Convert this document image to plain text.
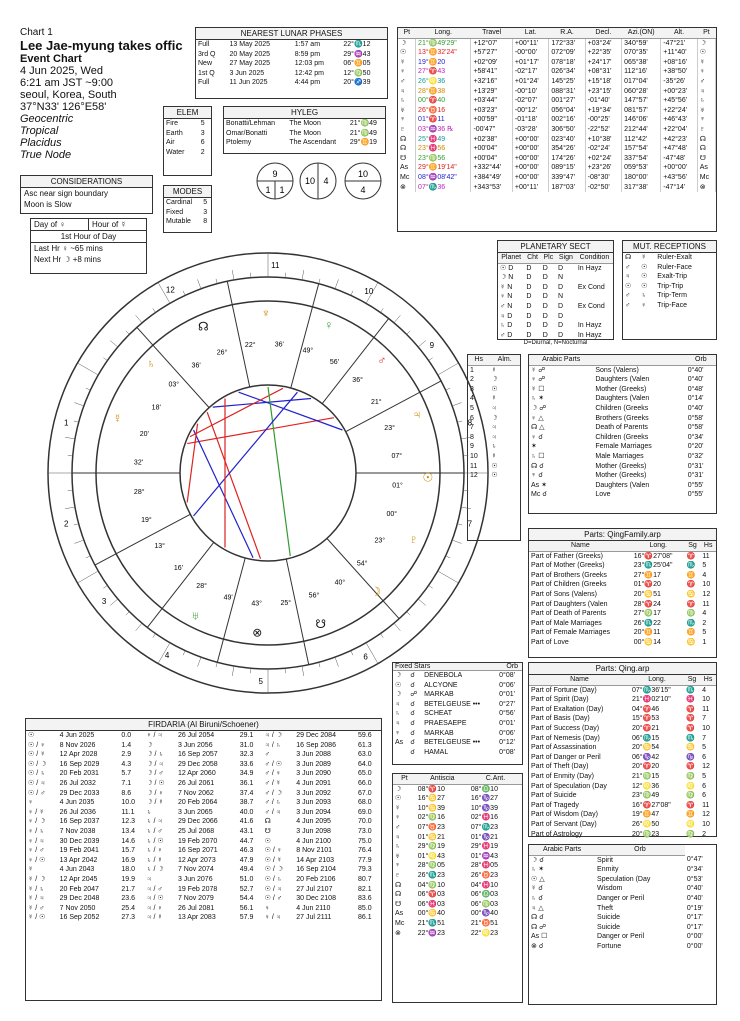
Chart 1
Lee Jae-myung takes offic
Event Chart
4 Jun 2025, Wed
6:21 am JST ~9:00
seoul, Korea, South
37°N33' 126°E58'
Geocentric
Tropical
Placidus
True Node
NEAREST LUNAR PHASES
Full	13 May 2025	1:57 am	22°♏12
3rd Q	20 May 2025	8:59 pm	29°♒43
New	27 May 2025	12:03 pm	06°♊05
1st Q	3 Jun 2025	12:42 pm	12°♍50
Full	11 Jun 2025	4:44 pm	20°♐39
ELEM
Fire	5
Earth	3
Air	6
Water	2
HYLEG
Bonatti/Lehman	The Moon	21°♍49
Omar/Bonatti	The Moon	21°♍49
Ptolemy	The Ascendant	29°♊19
9
1 1
10 4
10
4
MODES
Cardinal	5
Fixed	3
Mutable	8
CONSIDERATIONS
Asc near sign boundary
Moon is Slow
Day of ♀	Hour of ☿
1st Hour of Day
Last Hr ♀ ~65 mins
Next Hr ☽ +8 mins
Pt	Long.	Travel	Lat.	R.A.	Decl.	Azi.(ON)	Alt.	Pt
☽	21°♍49'29"	+12°07'	+00°11'	172°33'	+03°24'	340°59'	-47°21'	☽
☉	13°♊32'24"	+57'27"	-00°00'	072°09'	+22°35'	070°35'	+11°40'	☉
☿	19°♊20	+02°09'	+01°17'	078°18'	+24°17'	065°38'	+08°16'	☿
♀	27°♈43	+58'41"	-02°17'	026°34'	+08°31'	112°16'	+38°50'	♀
♂	26°♌36	+32'16"	+01°24'	145°25'	+15°18'	017°04'	-35°26'	♂
♃	28°♊38	+13'29"	-00°10'	088°31'	+23°15'	060°28'	+00°23'	♃
♄	00°♈40	+03'44"	-02°07'	001°27'	-01°40'	147°57'	+45°56'	♄
♅	26°♉16	+03'23"	-00°12'	056°04'	+19°34'	081°57'	+22°24'	♅
♆	01°♈11	+00'59"	-01°18'	002°16'	-00°25'	146°06'	+46°43'	♆
♇	03°♒36 ℞	-00'47"	-03°28'	306°50'	-22°52'	212°44'	+22°04'	♇
☊	25°♓49	+02'38"	+00°00'	023°40'	+10°38'	112°42'	+42°23'	☊
☊	23°♓56	+00'04"	+00°00'	354°26'	-02°24'	157°54'	+47°48'	☊
☋	23°♍56	+00'04"	+00°00'	174°26'	+02°24'	337°54'	-47°48'	☋
As	29°♊19'14"	+332°44'	+00°00'	089°15'	+23°26'	059°53'	+00°00'	As
Mc	08°♒08'42"	+384°49'	+00°00'	339°47'	-08°30'	180°00'	+43°56'	Mc
⊗	07°♏36	+343°53'	+00°11'	187°03'	-02°50'	317°38'	-47°14'	⊗
PLANETARY SECT
Planet	Cht	Plc	Sign	Condition
☉ D	D	D	D	In Hayz
☽ N	D	D	N	
☿ N	D	D	D	Ex Cond
♀ N	D	D	N	
♂ N	D	D	D	Ex Cond
♃ D	D	D	D	
♄ D	D	D	D	In Hayz
♂ D	D	D	D	In Hayz
D=Diurnal, N=Nocturnal
MUT. RECEPTIONS
☊	☿	Ruler-Exalt
♂	☉	Ruler-Face
♃	☉	Exalt-Trip
☉	☉	Trip-Trip
♂	♄	Trip-Term
♂	♀	Trip-Face
Hs	Alm.
1	☿
2	☽
3	☉
4	☿
5	♃
6	☽
7	♃
8	♃
9	♄
10	☿
11	☉
12	☉
Arabic Parts		Orb
☿ ☍	Sons (Valens)	0°40'
♀ ☍	Daughters (Valen	0°40'
☿ ☐	Mother (Greeks)	0°48'
♄ ✶	Daughters (Valen	0°14'
☽ ☍	Children (Greeks	0°40'
♀ △	Brothers (Greeks	0°58'
☊ △	Death of Parents	0°58'
♀ ☌	Children (Greeks	0°34'
✶	Female Marriages	0°20'
♄ ☐	Male Marriages	0°32'
☊ ☌	Mother (Greeks)	0°31'
♆ ☌	Mother (Greeks)	0°31'
As ✶	Daughters (Valen	0°55'
Mc ☌	Love	0°55'
Parts: QingFamily.arp
Name	Long.	Sg	Hs
Part of Father (Greeks)	16°♈27'08"	♈	11
Part of Mother (Greeks)	23°♏25'04"	♏	5
Part of Brothers (Greeks	27°♊17	♊	4
Part of Children (Greeks	01°♈20	♈	10
Part of Sons (Valens)	20°♋51	♋	12
Part of Daughters (Valen	28°♈24	♈	11
Part of Death of Parents	27°♍17	♍	4
Part of Male Marriages	26°♏22	♏	2
Part of Female Marriages	20°♊11	♊	5
Part of Love	00°♋14	♋	1
Fixed Stars	Orb
☽	☌	DENEBOLA	0°08'
☉	☌	ALCYONE	0°06'
☽	☍	MARKAB	0°01'
♃	☌	BETELGEUSE •••	0°27'
♄	☌	SCHEAT	0°56'
♃	☌	PRAESAEPE	0°01'
♆	☌	MARKAB	0°06'
As	☌	BETELGEUSE •••	0°12'
	☌	HAMAL	0°08'
Parts: Qing.arp
Name	Long.	Sg	Hs
Part of Fortune (Day)	07°♏36'15"	♏	4
Part of Spirit (Day)	21°♓02'10"	♓	10
Part of Exaltation (Day)	04°♈46	♈	11
Part of Basis (Day)	15°♈53	♈	7
Part of Success (Day)	20°♈21	♈	10
Part of Nemesis (Day)	06°♏15	♏	7
Part of Assassination	20°♋54	♋	5
Part of Danger or Peril	06°♑42	♑	6
Part of Theft (Day)	20°♈20	♈	12
Part of Enmity (Day)	21°♍15	♍	5
Part of Speculation (Day	12°♌36	♌	6
Part of Suicide	23°♍49	♍	6
Part of Tragedy	16°♈27'08"	♈	11
Part of Wisdom (Day)	19°♊47	♊	12
Part of Servant (Day)	26°♌50	♌	10
Part of Astrology	20°♍23	♍	2
FIRDARIA (Al Biruni/Schoener)
☉	4 Jun 2025	0.0	♀ / ♃	26 Jul 2054	29.1	♃ / ☽	29 Dec 2084	59.6
☉ / ♀	8 Nov 2026	1.4	☽	3 Jun 2056	31.0	♃ / ♄	16 Sep 2086	61.3
☉ / ☿	12 Apr 2028	2.9	☽ / ♄	16 Sep 2057	32.3	♂	3 Jun 2088	63.0
☉ / ☽	16 Sep 2029	4.3	☽ / ♃	29 Dec 2058	33.6	♂ / ☉	3 Jun 2089	64.0
☉ / ♄	20 Feb 2031	5.7	☽ / ♂	12 Apr 2060	34.9	♂ / ♀	3 Jun 2090	65.0
☉ / ♃	26 Jul 2032	7.1	☽ / ☉	26 Jul 2061	36.1	♂ / ☿	4 Jun 2091	66.0
☉ / ♂	29 Dec 2033	8.6	☽ / ♀	7 Nov 2062	37.4	♂ / ☽	3 Jun 2092	67.0
♀	4 Jun 2035	10.0	☽ / ☿	20 Feb 2064	38.7	♂ / ♄	3 Jun 2093	68.0
♀ / ☿	26 Jul 2036	11.1	♄	3 Jun 2065	40.0	♂ / ♃	3 Jun 2094	69.0
♀ / ☽	16 Sep 2037	12.3	♄ / ♃	29 Dec 2066	41.6	☊	4 Jun 2095	70.0
♀ / ♄	7 Nov 2038	13.4	♄ / ♂	25 Jul 2068	43.1	☋	3 Jun 2098	73.0
♀ / ♃	30 Dec 2039	14.6	♄ / ☉	19 Feb 2070	44.7	☉	4 Jun 2100	75.0
♀ / ♂	19 Feb 2041	15.7	♄ / ♀	16 Sep 2071	46.3	☉ / ♀	8 Nov 2101	76.4
♀ / ☉	13 Apr 2042	16.9	♄ / ☿	12 Apr 2073	47.9	☉ / ☿	14 Apr 2103	77.9
☿	4 Jun 2043	18.0	♄ / ☽	7 Nov 2074	49.4	☉ / ☽	16 Sep 2104	79.3
☿ / ☽	12 Apr 2045	19.9	♃	3 Jun 2076	51.0	☉ / ♄	20 Feb 2106	80.7
☿ / ♄	20 Feb 2047	21.7	♃ / ♂	19 Feb 2078	52.7	☉ / ♃	27 Jul 2107	82.1
☿ / ♃	29 Dec 2048	23.6	♃ / ☉	7 Nov 2079	54.4	☉ / ♂	30 Dec 2108	83.6
☿ / ♂	7 Nov 2050	25.4	♃ / ♀	26 Jul 2081	56.1	♀	4 Jun 2110	85.0
☿ / ☉	16 Sep 2052	27.3	♃ / ☿	13 Apr 2083	57.9	♀ / ♃	27 Jul 2111	86.1
Pt	Antiscia	C.Ant.
☽	08°♈10	08°♎10
☉	16°♋27	16°♑27
☿	10°♋39	10°♑39
♀	02°♍16	02°♓16
♂	07°♉23	07°♏23
♃	01°♋21	01°♑21
♄	29°♍19	29°♓19
♅	01°♌43	01°♒43
♆	28°♍05	28°♓05
♇	26°♏23	26°♉23
☊	04°♍10	04°♓10
☊	06°♈03	06°♎03
☋	06°♓03	06°♍03
As	00°♋40	00°♑40
Mc	21°♏51	21°♉51
⊗	22°♒23	22°♌23
Arabic Parts	Orb	
☽ ☌	Spirit	0°47'
♄ ✶	Enmity	0°34'
☉ △	Speculation (Day	0°53'
☿ ☌	Wisdom	0°40'
♄ ☌	Danger or Peril	0°40'
♃ △	Theft	0°19'
☊ ☌	Suicide	0°17'
☊ ☍	Suicide	0°17'
As ☐	Danger or Peril	0°00'
⊗ ☌	Fortune	0°00'
1
2
3
4
5
6
7
8
9
10
11
12
☿
♄
☊
♆
♀
♂
♃
☉
♇
☽
☋
⊗
♅
01°
00°
23°
54°
40°
56°
25°
43°
49'
28°
16'
13°
19°
28°
32'
20'
18'
03°
36'
26°
22°	36'
49°
56'
36°
21°
23°
07°
